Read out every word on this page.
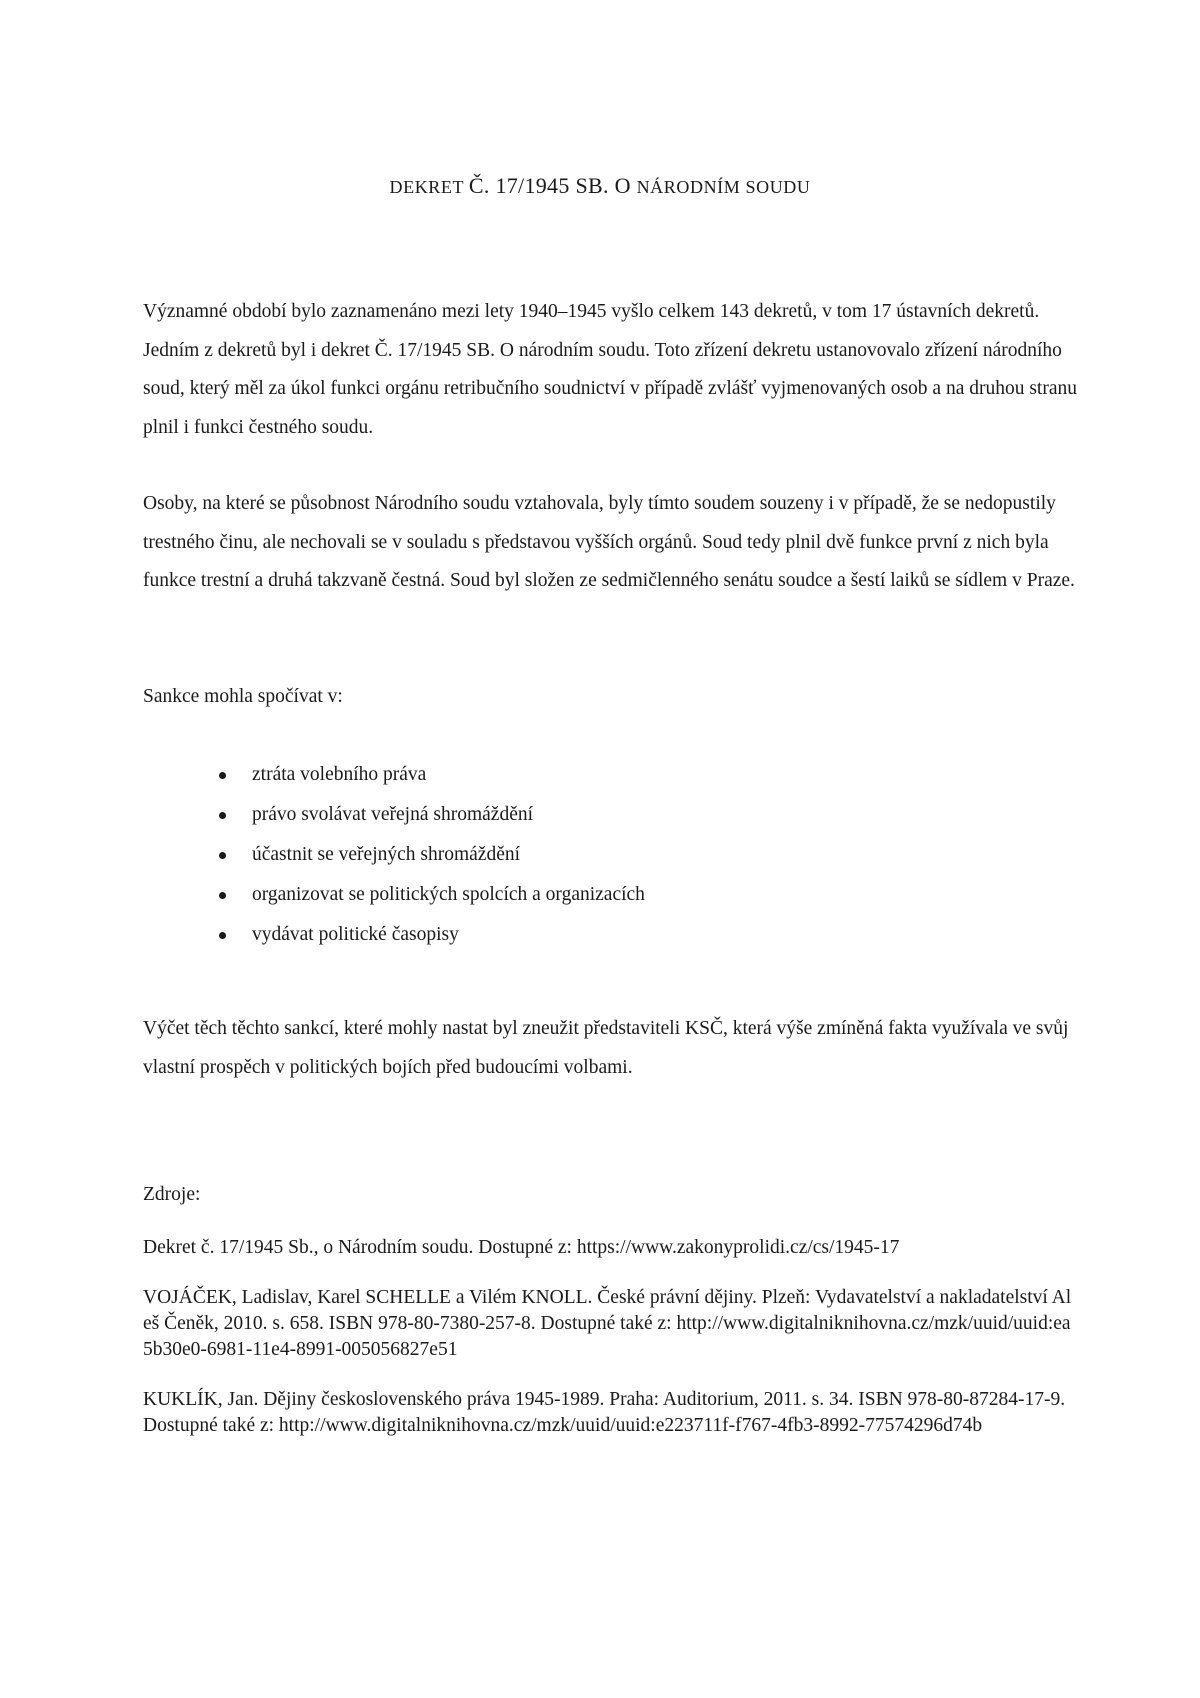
DEKRET Č. 17/1945 SB. O NÁRODNÍM SOUDU

Významné období bylo zaznamenáno mezi lety 1940–1945 vyšlo celkem 143 dekretů, v tom 17 ústavních dekretů. Jedním z dekretů byl i dekret Č. 17/1945 SB. O národním soudu. Toto zřízení dekretu ustanovovalo zřízení národního soud, který měl za úkol funkci orgánu retribučního soudnictví v případě zvlášť vyjmenovaných osob a na druhou stranu plnil i funkci čestného soudu.

Osoby, na které se působnost Národního soudu vztahovala, byly tímto soudem souzeny i v případě, že se nedopustily trestného činu, ale nechovali se v souladu s představou vyšších orgánů. Soud tedy plnil dvě funkce první z nich byla funkce trestní a druhá takzvaně čestná. Soud byl složen ze sedmičlenného senátu soudce a šestí laiků se sídlem v Praze.

Sankce mohla spočívat v:

ztráta volebního práva
právo svolávat veřejná shromáždění
účastnit se veřejných shromáždění
organizovat se politických spolcích a organizacích
vydávat politické časopisy

Výčet těch těchto sankcí, které mohly nastat byl zneužit představiteli KSČ, která výše zmíněná fakta využívala ve svůj vlastní prospěch v politických bojích před budoucími volbami.

Zdroje:

Dekret č. 17/1945 Sb., o Národním soudu. Dostupné z: https://www.zakonyprolidi.cz/cs/1945-17

VOJÁČEK, Ladislav, Karel SCHELLE a Vilém KNOLL. České právní dějiny. Plzeň: Vydavatelství a nakladatelství Aleš Čeněk, 2010. s. 658. ISBN 978-80-7380-257-8. Dostupné také z: http://www.digitalniknihovna.cz/mzk/uuid/uuid:ea5b30e0-6981-11e4-8991-005056827e51

KUKLÍK, Jan. Dějiny československého práva 1945-1989. Praha: Auditorium, 2011. s. 34. ISBN 978-80-87284-17-9. Dostupné také z: http://www.digitalniknihovna.cz/mzk/uuid/uuid:e223711f-f767-4fb3-8992-77574296d74b
